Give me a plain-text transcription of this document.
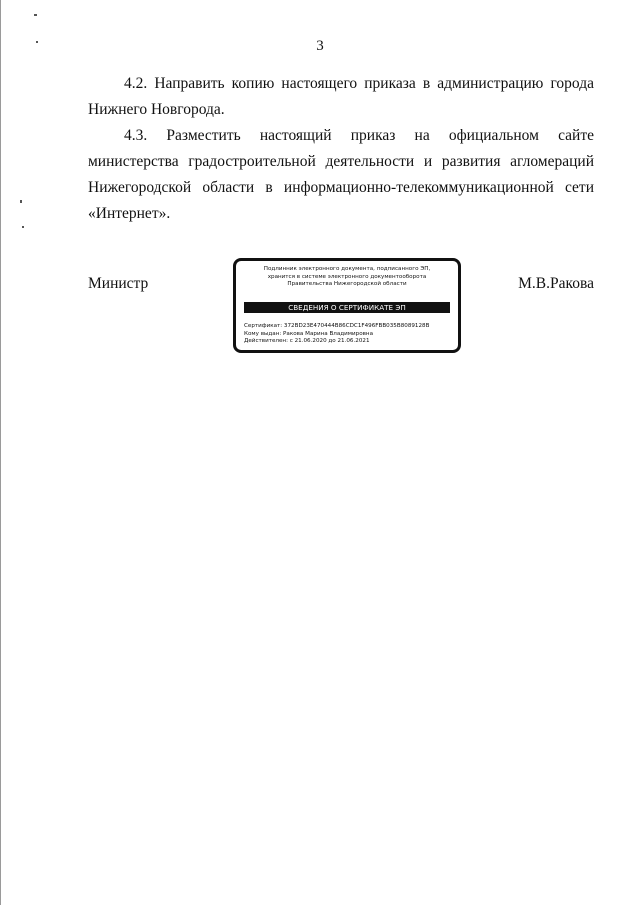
3
4.2. Направить копию настоящего приказа в администрацию города Нижнего Новгорода.
4.3. Разместить настоящий приказ на официальном сайте министерства градостроительной деятельности и развития агломераций Нижегородской области в информационно-телекоммуникационной сети «Интернет».
Министр
Подлинник электронного документа, подписанного ЭП,
хранится в системе электронного документооборота
Правительства Нижегородской области
СВЕДЕНИЯ О СЕРТИФИКАТЕ ЭП
Сертификат: 372BD23E470444B86CDC1F496FBB035B8089128B
Кому выдан: Ракова Марина Владимировна
Действителен: с 21.06.2020 до 21.06.2021
М.В.Ракова
